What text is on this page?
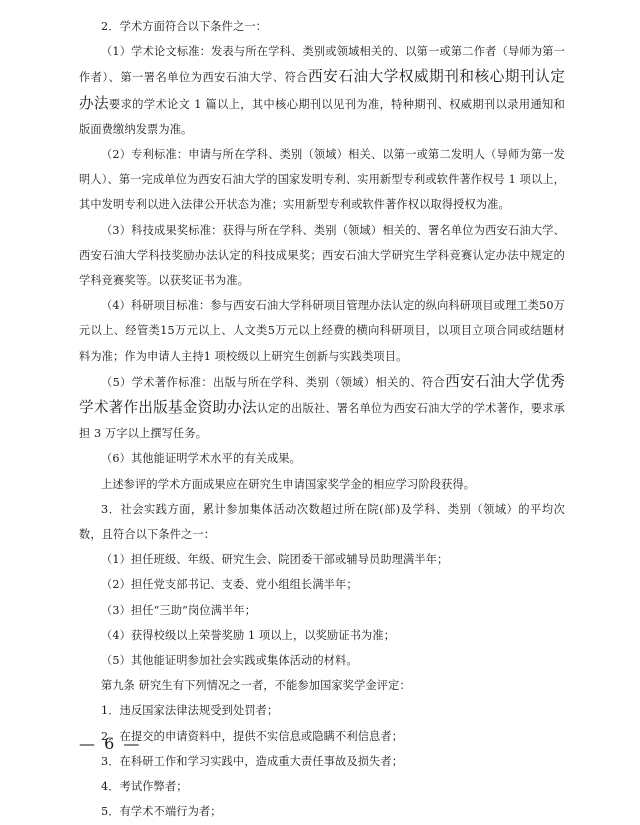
2．学术方面符合以下条件之一：

（1）学术论文标准：发表与所在学科、类别或领域相关的、以第一或第二作者（导师为第一作者）、第一署名单位为西安石油大学、符合西安石油大学权威期刊和核心期刊认定办法要求的学术论文 1 篇以上，其中核心期刊以见刊为准，特种期刊、权威期刊以录用通知和版面费缴纳发票为准。

（2）专利标准：申请与所在学科、类别（领域）相关、以第一或第二发明人（导师为第一发明人）、第一完成单位为西安石油大学的国家发明专利、实用新型专利或软件著作权号 1 项以上，其中发明专利以进入法律公开状态为准；实用新型专利或软件著作权以取得授权为准。

（3）科技成果奖标准：获得与所在学科、类别（领域）相关的、署名单位为西安石油大学、西安石油大学科技奖励办法认定的科技成果奖；西安石油大学研究生学科竞赛认定办法中规定的学科竞赛奖等。以获奖证书为准。

（4）科研项目标准：参与西安石油大学科研项目管理办法认定的纵向科研项目或理工类50万元以上、经管类15万元以上、人文类5万元以上经费的横向科研项目，以项目立项合同或结题材料为准；作为申请人主持1 项校级以上研究生创新与实践类项目。

（5）学术著作标准：出版与所在学科、类别（领域）相关的、符合西安石油大学优秀学术著作出版基金资助办法认定的出版社、署名单位为西安石油大学的学术著作，要求承担 3 万字以上撰写任务。

（6）其他能证明学术水平的有关成果。

上述参评的学术方面成果应在研究生申请国家奖学金的相应学习阶段获得。

3．社会实践方面，累计参加集体活动次数超过所在院(部)及学科、类别（领域）的平均次数，且符合以下条件之一：

（1）担任班级、年级、研究生会、院团委干部或辅导员助理满半年；

（2）担任党支部书记、支委、党小组组长满半年；

（3）担任“三助”岗位满半年；

（4）获得校级以上荣誉奖励 1 项以上，以奖励证书为准；

（5）其他能证明参加社会实践或集体活动的材料。

第九条 研究生有下列情况之一者，不能参加国家奖学金评定：

1．违反国家法律法规受到处罚者；

2．在提交的申请资料中，提供不实信息或隐瞒不利信息者；

3．在科研工作和学习实践中，造成重大责任事故及损失者；

4．考试作弊者；

5．有学术不端行为者；

— 6 —
